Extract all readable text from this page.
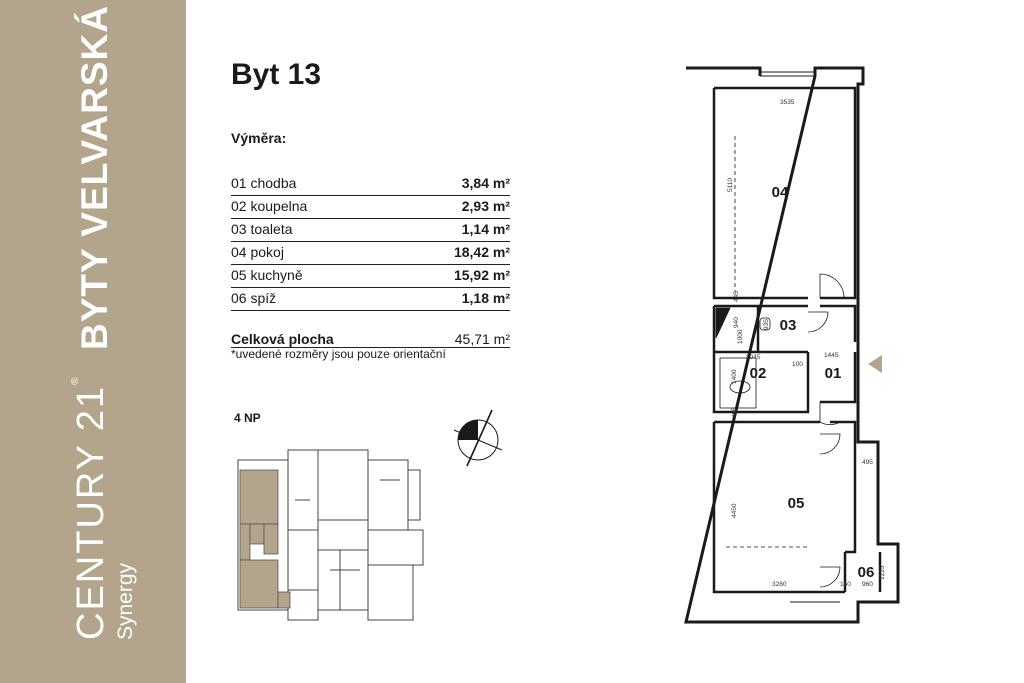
BYTY VELVARSKÁ
CENTURY 21®
Synergy
Byt 13
Výměra:
01 chodba	3,84 m²
02 koupelna	2,93 m²
03 toaleta	1,14 m²
04 pokoj	18,42 m²
05 kuchyně	15,92 m²
06 spíž	1,18 m²
Celková plocha	45,71 m²
*uvedené rozměry jsou pouze orientační
4 NP
04
03
02	01
05
06
3535
5110
445
940
1000
935
2045	1445
100
1400
495
495
4450
3280	150 960
1225
